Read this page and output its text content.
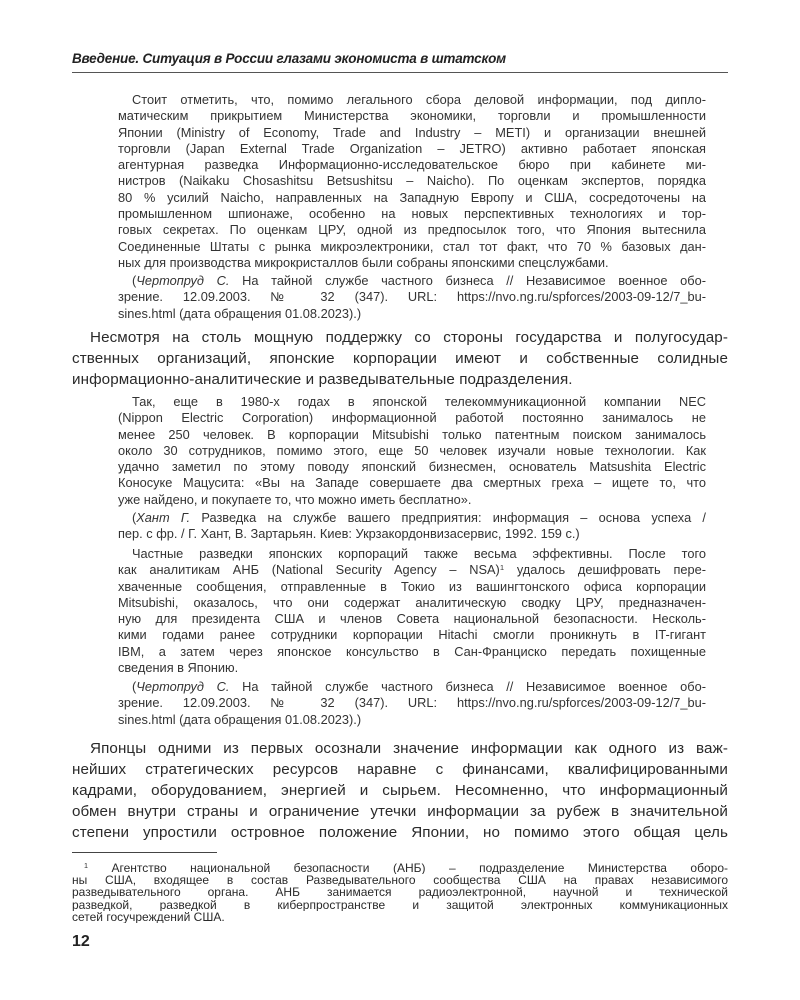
Введение. Ситуация в России глазами экономиста в штатском
Стоит отметить, что, помимо легального сбора деловой информации, под дипло-
матическим прикрытием Министерства экономики, торговли и промышленности
Японии (Ministry of Economy, Trade and Industry – METI) и организации внешней
торговли (Japan External Trade Organization – JETRO) активно работает японская
агентурная разведка Информационно-исследовательское бюро при кабинете ми-
нистров (Naikaku Chosashitsu Betsushitsu – Naicho). По оценкам экспертов, порядка
80 % усилий Naicho, направленных на Западную Европу и США, сосредоточены на
промышленном шпионаже, особенно на новых перспективных технологиях и тор-
говых секретах. По оценкам ЦРУ, одной из предпосылок того, что Япония вытеснила
Соединенные Штаты с рынка микроэлектроники, стал тот факт, что 70 % базовых дан-
ных для производства микрокристаллов были собраны японскими спецслужбами.
(Чертопруд С. На тайной службе частного бизнеса // Независимое военное обо-
зрение. 12.09.2003. № 32 (347). URL: https://nvo.ng.ru/spforces/2003-09-12/7_bu-
sines.html (дата обращения 01.08.2023).)
Несмотря на столь мощную поддержку со стороны государства и полугосудар-
ственных организаций, японские корпорации имеют и собственные солидные
информационно-аналитические и разведывательные подразделения.
Так, еще в 1980-х годах в японской телекоммуникационной компании NEC
(Nippon Electric Corporation) информационной работой постоянно занималось не
менее 250 человек. В корпорации Mitsubishi только патентным поиском занималось
около 30 сотрудников, помимо этого, еще 50 человек изучали новые технологии. Как
удачно заметил по этому поводу японский бизнесмен, основатель Matsushita Electric
Коносуке Мацусита: «Вы на Западе совершаете два смертных греха – ищете то, что
уже найдено, и покупаете то, что можно иметь бесплатно».
(Хант Г. Разведка на службе вашего предприятия: информация – основа успеха /
пер. с фр. / Г. Хант, В. Зартарьян. Киев: Укрзакордонвизасервис, 1992. 159 с.)
Частные разведки японских корпораций также весьма эффективны. После того
как аналитикам АНБ (National Security Agency – NSA)$^1$ удалось дешифровать пере-
хваченные сообщения, отправленные в Токио из вашингтонского офиса корпорации
Mitsubishi, оказалось, что они содержат аналитическую сводку ЦРУ, предназначен-
ную для президента США и членов Совета национальной безопасности. Несколь-
кими годами ранее сотрудники корпорации Hitachi смогли проникнуть в IT-гигант
IBM, а затем через японское консульство в Сан-Франциско передать похищенные
сведения в Японию.
(Чертопруд С. На тайной службе частного бизнеса // Независимое военное обо-
зрение. 12.09.2003. № 32 (347). URL: https://nvo.ng.ru/spforces/2003-09-12/7_bu-
sines.html (дата обращения 01.08.2023).)
Японцы одними из первых осознали значение информации как одного из важ-
нейших стратегических ресурсов наравне с финансами, квалифицированными
кадрами, оборудованием, энергией и сырьем. Несомненно, что информационный
обмен внутри страны и ограничение утечки информации за рубеж в значительной
степени упростили островное положение Японии, но помимо этого общая цель
$^1$ Агентство национальной безопасности (АНБ) – подразделение Министерства оборо-
ны США, входящее в состав Разведывательного сообщества США на правах независимого
разведывательного органа. АНБ занимается радиоэлектронной, научной и технической
разведкой, разведкой в киберпространстве и защитой электронных коммуникационных
сетей госучреждений США.
12
